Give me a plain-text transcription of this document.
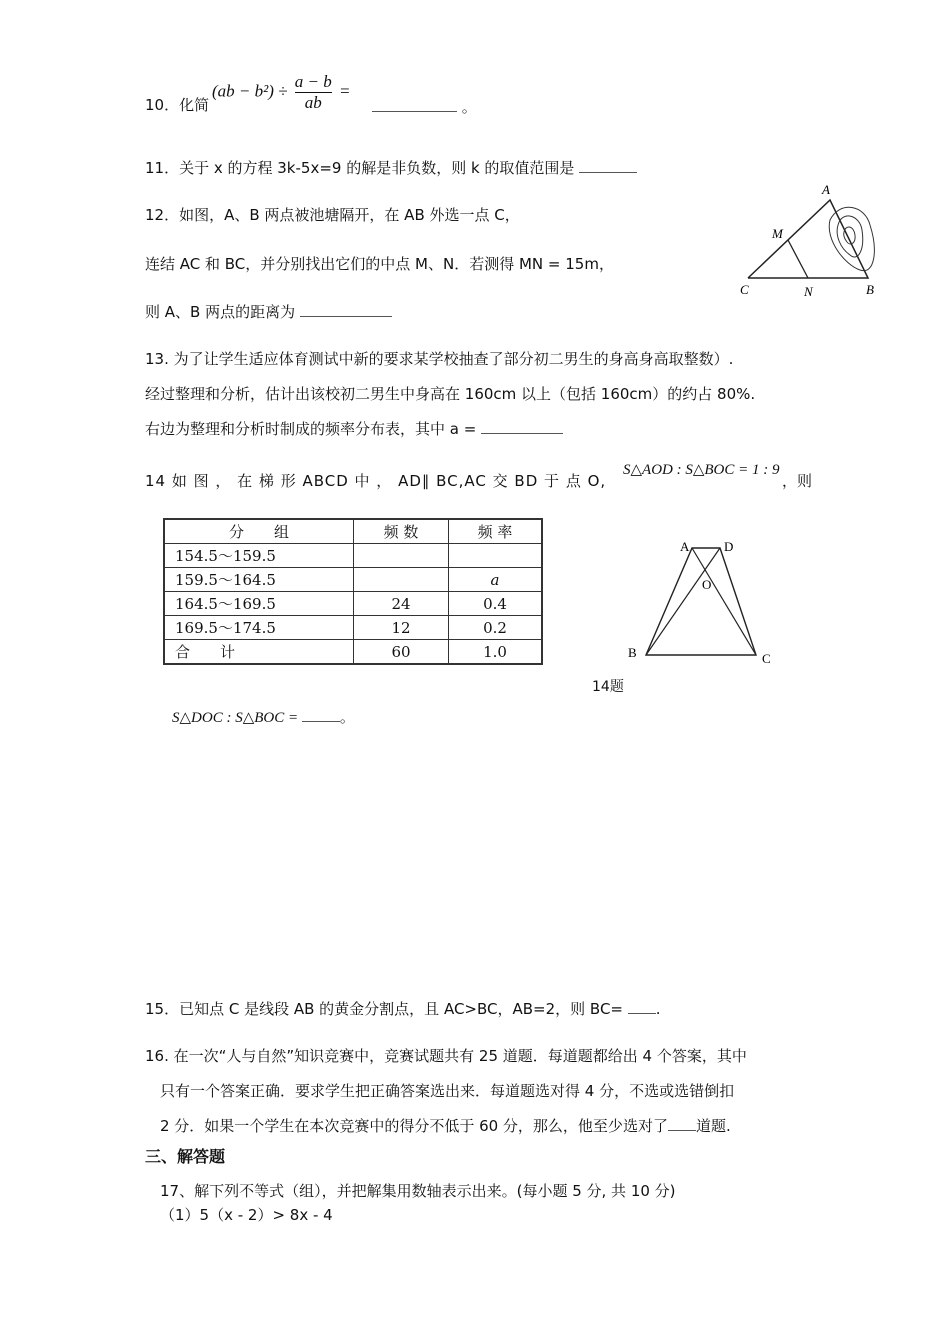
10．化简
$(ab - b^2) \div \frac{a - b}{ab}$ =
。
11．关于 x 的方程 3k-5x=9 的解是非负数，则 k 的取值范围是
12．如图，A、B 两点被池塘隔开，在 AB 外选一点 C，
连结 AC 和 BC，并分别找出它们的中点 M、N．若测得 MN = 15m，
则 A、B 两点的距离为
A
M
C	N	B
13. 为了让学生适应体育测试中新的要求某学校抽查了部分初二男生的身高身高取整数）.
经过整理和分析，估计出该校初二男生中身高在 160cm 以上（包括 160cm）的约占 80%.
右边为整理和分析时制成的频率分布表，其中 a =
14 如 图 ， 在 梯 形 ABCD 中 ， AD∥ BC,AC 交 BD 于 点 O,
S△AOD : S△BOC = 1 : 9
，则
分　　组	频 数	频 率
154.5～159.5		
159.5～164.5		a
164.5～169.5	24	0.4
169.5～174.5	12	0.2
合　　计	60	1.0
A	D
O
B	C
14题
S△DOC : S△BOC =	。
15．已知点 C 是线段 AB 的黄金分割点，且 AC>BC，AB=2，则 BC= .
16. 在一次“人与自然”知识竞赛中，竞赛试题共有 25 道题．每道题都给出 4 个答案，其中
只有一个答案正确．要求学生把正确答案选出来．每道题选对得 4 分，不选或选错倒扣
2 分．如果一个学生在本次竞赛中的得分不低于 60 分，那么，他至少选对了 道题.
三、解答题
17、解下列不等式（组），并把解集用数轴表示出来。(每小题 5 分, 共 10 分)
（1）5（x - 2）> 8x - 4
